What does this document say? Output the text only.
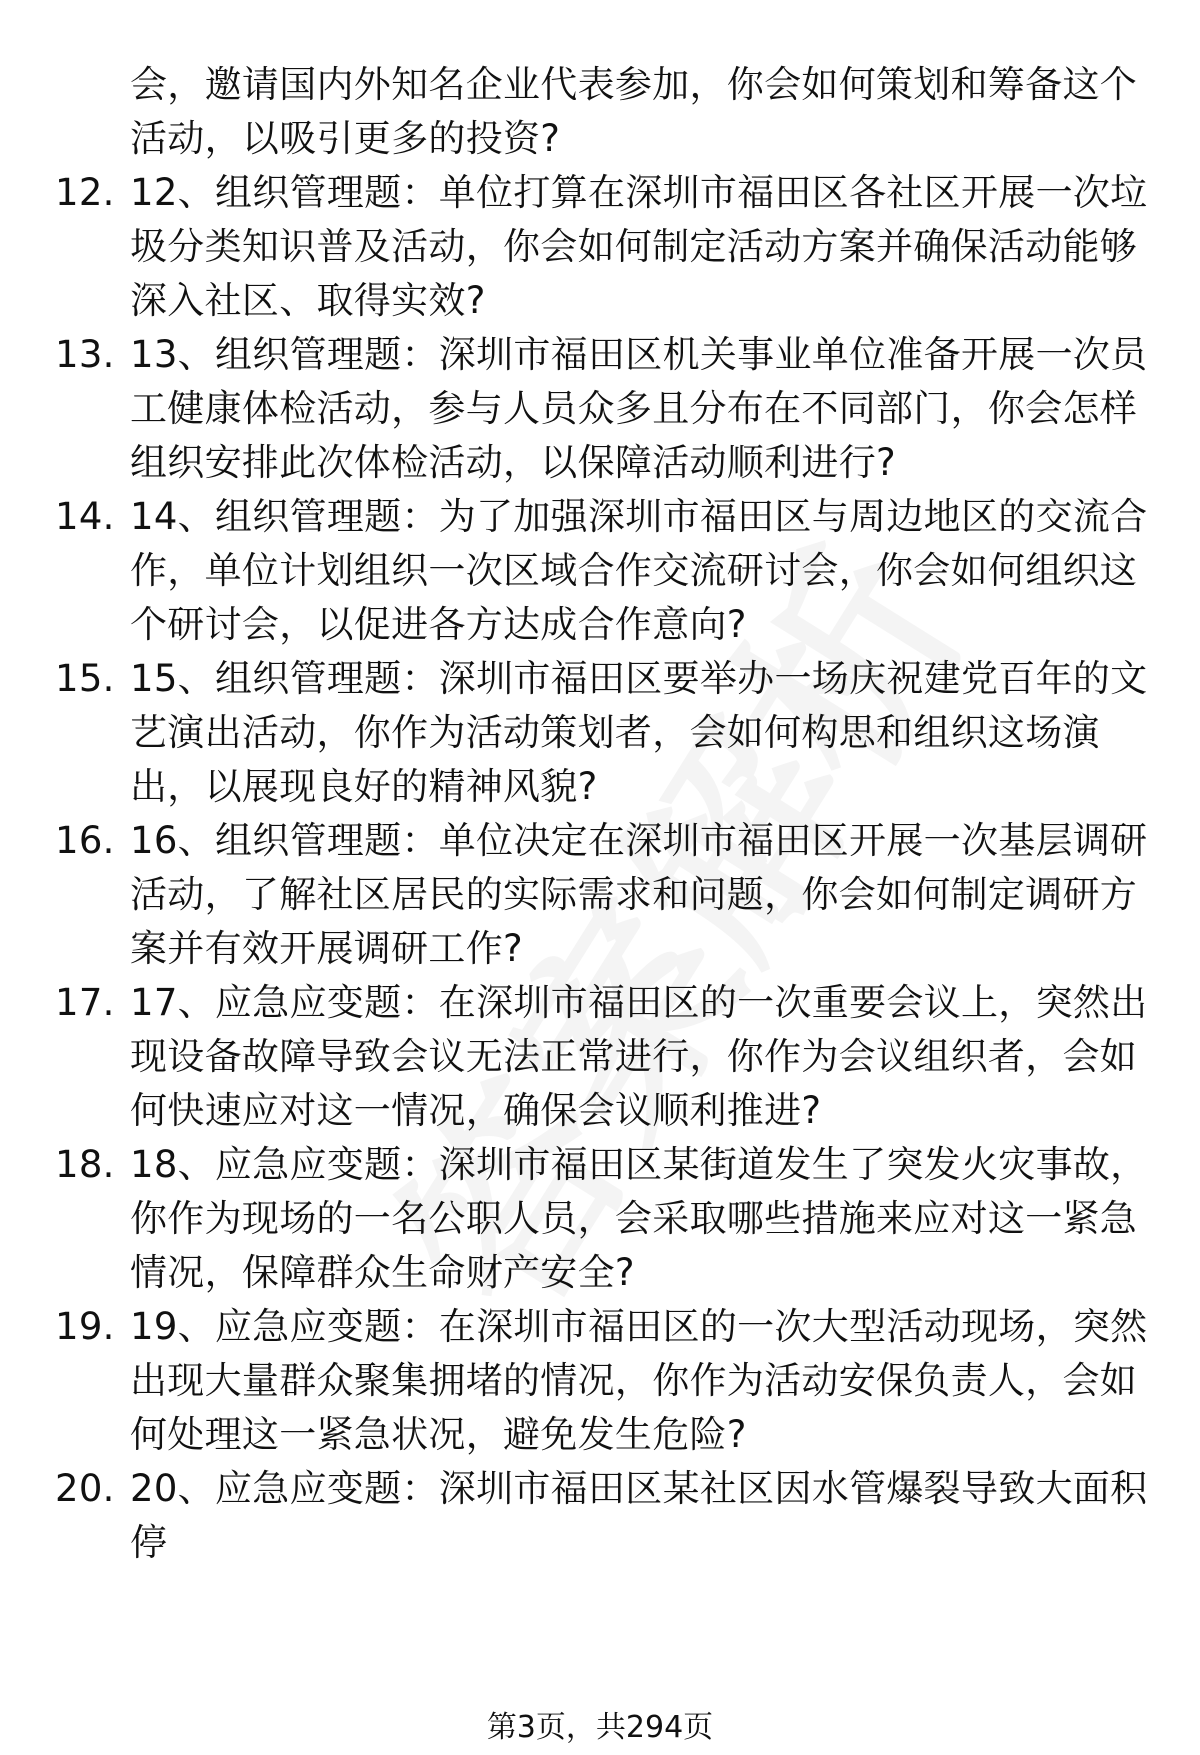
会，邀请国内外知名企业代表参加，你会如何策划和筹备这个活动，以吸引更多的投资?
12. 12、组织管理题：单位打算在深圳市福田区各社区开展一次垃圾分类知识普及活动，你会如何制定活动方案并确保活动能够深入社区、取得实效?
13. 13、组织管理题：深圳市福田区机关事业单位准备开展一次员工健康体检活动，参与人员众多且分布在不同部门，你会怎样组织安排此次体检活动，以保障活动顺利进行?
14. 14、组织管理题：为了加强深圳市福田区与周边地区的交流合作，单位计划组织一次区域合作交流研讨会，你会如何组织这个研讨会，以促进各方达成合作意向?
15. 15、组织管理题：深圳市福田区要举办一场庆祝建党百年的文艺演出活动，你作为活动策划者，会如何构思和组织这场演出，以展现良好的精神风貌?
16. 16、组织管理题：单位决定在深圳市福田区开展一次基层调研活动，了解社区居民的实际需求和问题，你会如何制定调研方案并有效开展调研工作?
17. 17、应急应变题：在深圳市福田区的一次重要会议上，突然出现设备故障导致会议无法正常进行，你作为会议组织者，会如何快速应对这一情况，确保会议顺利推进?
18. 18、应急应变题：深圳市福田区某街道发生了突发火灾事故，你作为现场的一名公职人员，会采取哪些措施来应对这一紧急情况，保障群众生命财产安全?
19. 19、应急应变题：在深圳市福田区的一次大型活动现场，突然出现大量群众聚集拥堵的情况，你作为活动安保负责人，会如何处理这一紧急状况，避免发生危险?
20. 20、应急应变题：深圳市福田区某社区因水管爆裂导致大面积停
第3页，共294页
